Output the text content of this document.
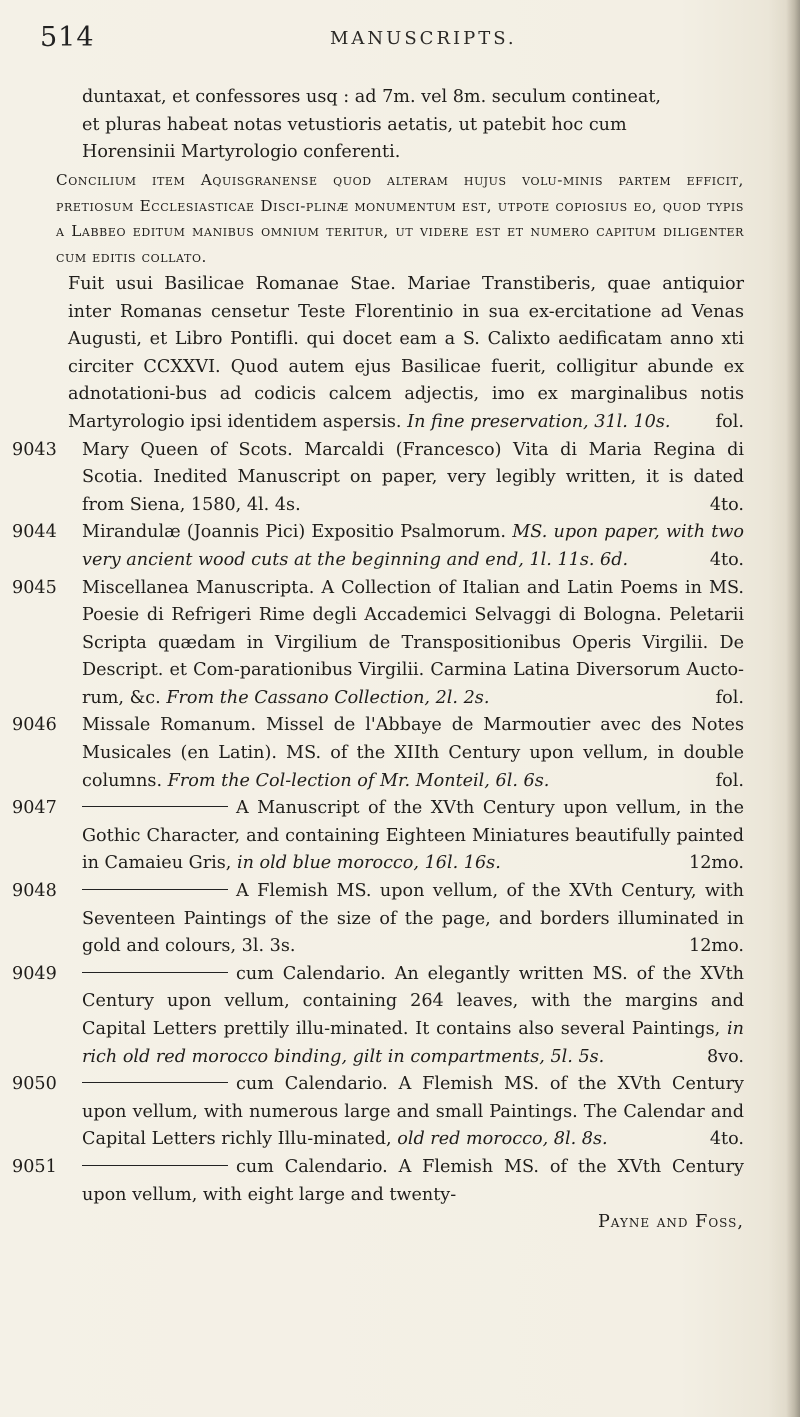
514	MANUSCRIPTS.

duntaxat, et confessores usq : ad 7m. vel 8m. seculum contineat,
et pluras habeat notas vetustioris aetatis, ut patebit hoc cum
Horensinii Martyrologio conferenti.

Concilium item Aquisgranense quod alteram hujus volu-minis partem efficit, pretiosum Ecclesiasticae Disci-plinæ monumentum est, utpote copiosius eo, quod typis a Labbeo editum manibus omnium teritur, ut videre est et numero capitum diligenter cum editis collato.

Fuit usui Basilicae Romanae Stae. Mariae Transtiberis, quae antiquior inter Romanas censetur Teste Florentinio in sua ex-ercitatione ad Venas Augusti, et Libro Pontifli. qui docet eam a S. Calixto aedificatam anno xti circiter CCXXVI. Quod autem ejus Basilicae fuerit, colligitur abunde ex adnotationi-bus ad codicis calcem adjectis, imo ex marginalibus notis Martyrologio ipsi identidem aspersis. In fine preservation, 31l. 10s.	fol.

9043	Mary Queen of Scots. Marcaldi (Francesco) Vita di Maria Regina di Scotia. Inedited Manuscript on paper, very legibly written, it is dated from Siena, 1580, 4l. 4s.	4to.
9044	Mirandulæ (Joannis Pici) Expositio Psalmorum. MS. upon paper, with two very ancient wood cuts at the beginning and end, 1l. 11s. 6d.	4to.
9045	Miscellanea Manuscripta. A Collection of Italian and Latin Poems in MS. Poesie di Refrigeri Rime degli Accademici Selvaggi di Bologna. Peletarii Scripta quædam in Virgilium de Transpositionibus Operis Virgilii. De Descript. et Com-parationibus Virgilii. Carmina Latina Diversorum Aucto-rum, &c. From the Cassano Collection, 2l. 2s.	fol.
9046	Missale Romanum. Missel de l'Abbaye de Marmoutier avec des Notes Musicales (en Latin). MS. of the XIIth Century upon vellum, in double columns. From the Col-lection of Mr. Monteil, 6l. 6s.	fol.
9047	A Manuscript of the XVth Century upon vellum, in the Gothic Character, and containing Eighteen Miniatures beautifully painted in Camaieu Gris, in old blue morocco, 16l. 16s.	12mo.
9048	A Flemish MS. upon vellum, of the XVth Century, with Seventeen Paintings of the size of the page, and borders illuminated in gold and colours, 3l. 3s.	12mo.
9049	cum Calendario. An elegantly written MS. of the XVth Century upon vellum, containing 264 leaves, with the margins and Capital Letters prettily illu-minated. It contains also several Paintings, in rich old red morocco binding, gilt in compartments, 5l. 5s.	8vo.
9050	cum Calendario. A Flemish MS. of the XVth Century upon vellum, with numerous large and small Paintings. The Calendar and Capital Letters richly Illu-minated, old red morocco, 8l. 8s.	4to.
9051	cum Calendario. A Flemish MS. of the XVth Century upon vellum, with eight large and twenty-

Payne and Foss,
